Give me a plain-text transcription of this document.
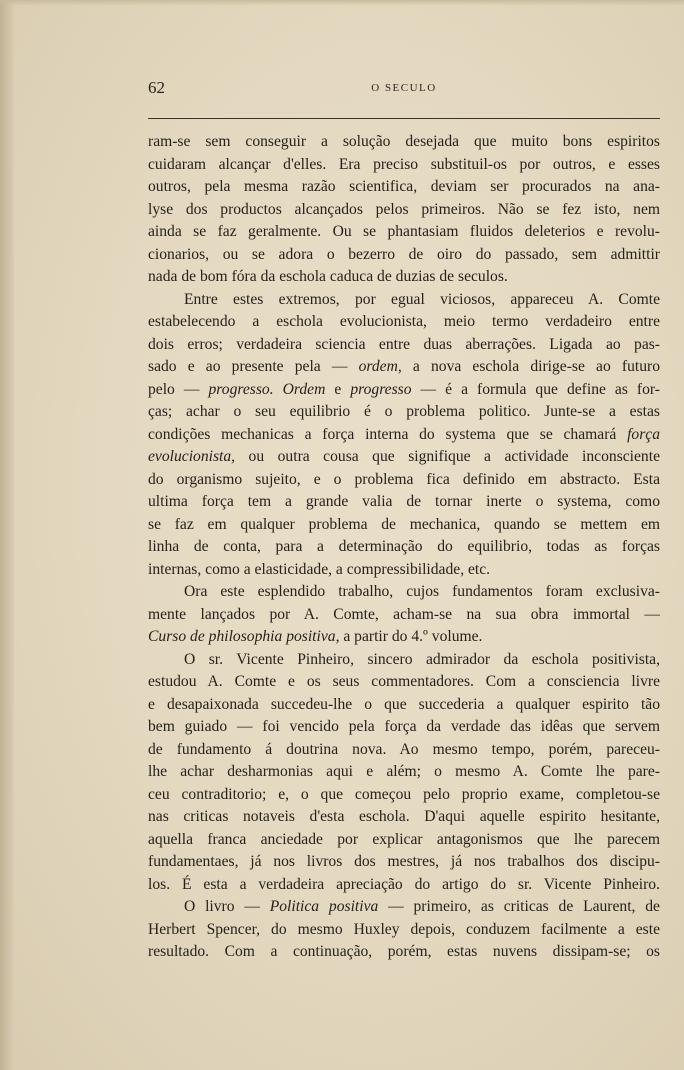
62	O SECULO
ram-se sem conseguir a solução desejada que muito bons espiritos
cuidaram alcançar d'elles. Era preciso substituil-os por outros, e esses
outros, pela mesma razão scientifica, deviam ser procurados na ana-
lyse dos productos alcançados pelos primeiros. Não se fez isto, nem
ainda se faz geralmente. Ou se phantasiam fluidos deleterios e revolu-
cionarios, ou se adora o bezerro de oiro do passado, sem admittir
nada de bom fóra da eschola caduca de duzias de seculos.
Entre estes extremos, por egual viciosos, appareceu A. Comte
estabelecendo a eschola evolucionista, meio termo verdadeiro entre
dois erros; verdadeira sciencia entre duas aberrações. Ligada ao pas-
sado e ao presente pela — ordem, a nova eschola dirige-se ao futuro
pelo — progresso. Ordem e progresso — é a formula que define as for-
ças; achar o seu equilibrio é o problema politico. Junte-se a estas
condições mechanicas a força interna do systema que se chamará força
evolucionista, ou outra cousa que signifique a actividade inconsciente
do organismo sujeito, e o problema fica definido em abstracto. Esta
ultima força tem a grande valia de tornar inerte o systema, como
se faz em qualquer problema de mechanica, quando se mettem em
linha de conta, para a determinação do equilibrio, todas as forças
internas, como a elasticidade, a compressibilidade, etc.
Ora este esplendido trabalho, cujos fundamentos foram exclusiva-
mente lançados por A. Comte, acham-se na sua obra immortal —
Curso de philosophia positiva, a partir do 4.º volume.
O sr. Vicente Pinheiro, sincero admirador da eschola positivista,
estudou A. Comte e os seus commentadores. Com a consciencia livre
e desapaixonada succedeu-lhe o que succederia a qualquer espirito tão
bem guiado — foi vencido pela força da verdade das idêas que servem
de fundamento á doutrina nova. Ao mesmo tempo, porém, pareceu-
lhe achar desharmonias aqui e além; o mesmo A. Comte lhe pare-
ceu contraditorio; e, o que começou pelo proprio exame, completou-se
nas criticas notaveis d'esta eschola. D'aqui aquelle espirito hesitante,
aquella franca anciedade por explicar antagonismos que lhe parecem
fundamentaes, já nos livros dos mestres, já nos trabalhos dos discipu-
los. É esta a verdadeira apreciação do artigo do sr. Vicente Pinheiro.
O livro — Politica positiva — primeiro, as criticas de Laurent, de
Herbert Spencer, do mesmo Huxley depois, conduzem facilmente a este
resultado. Com a continuação, porém, estas nuvens dissipam-se; os
